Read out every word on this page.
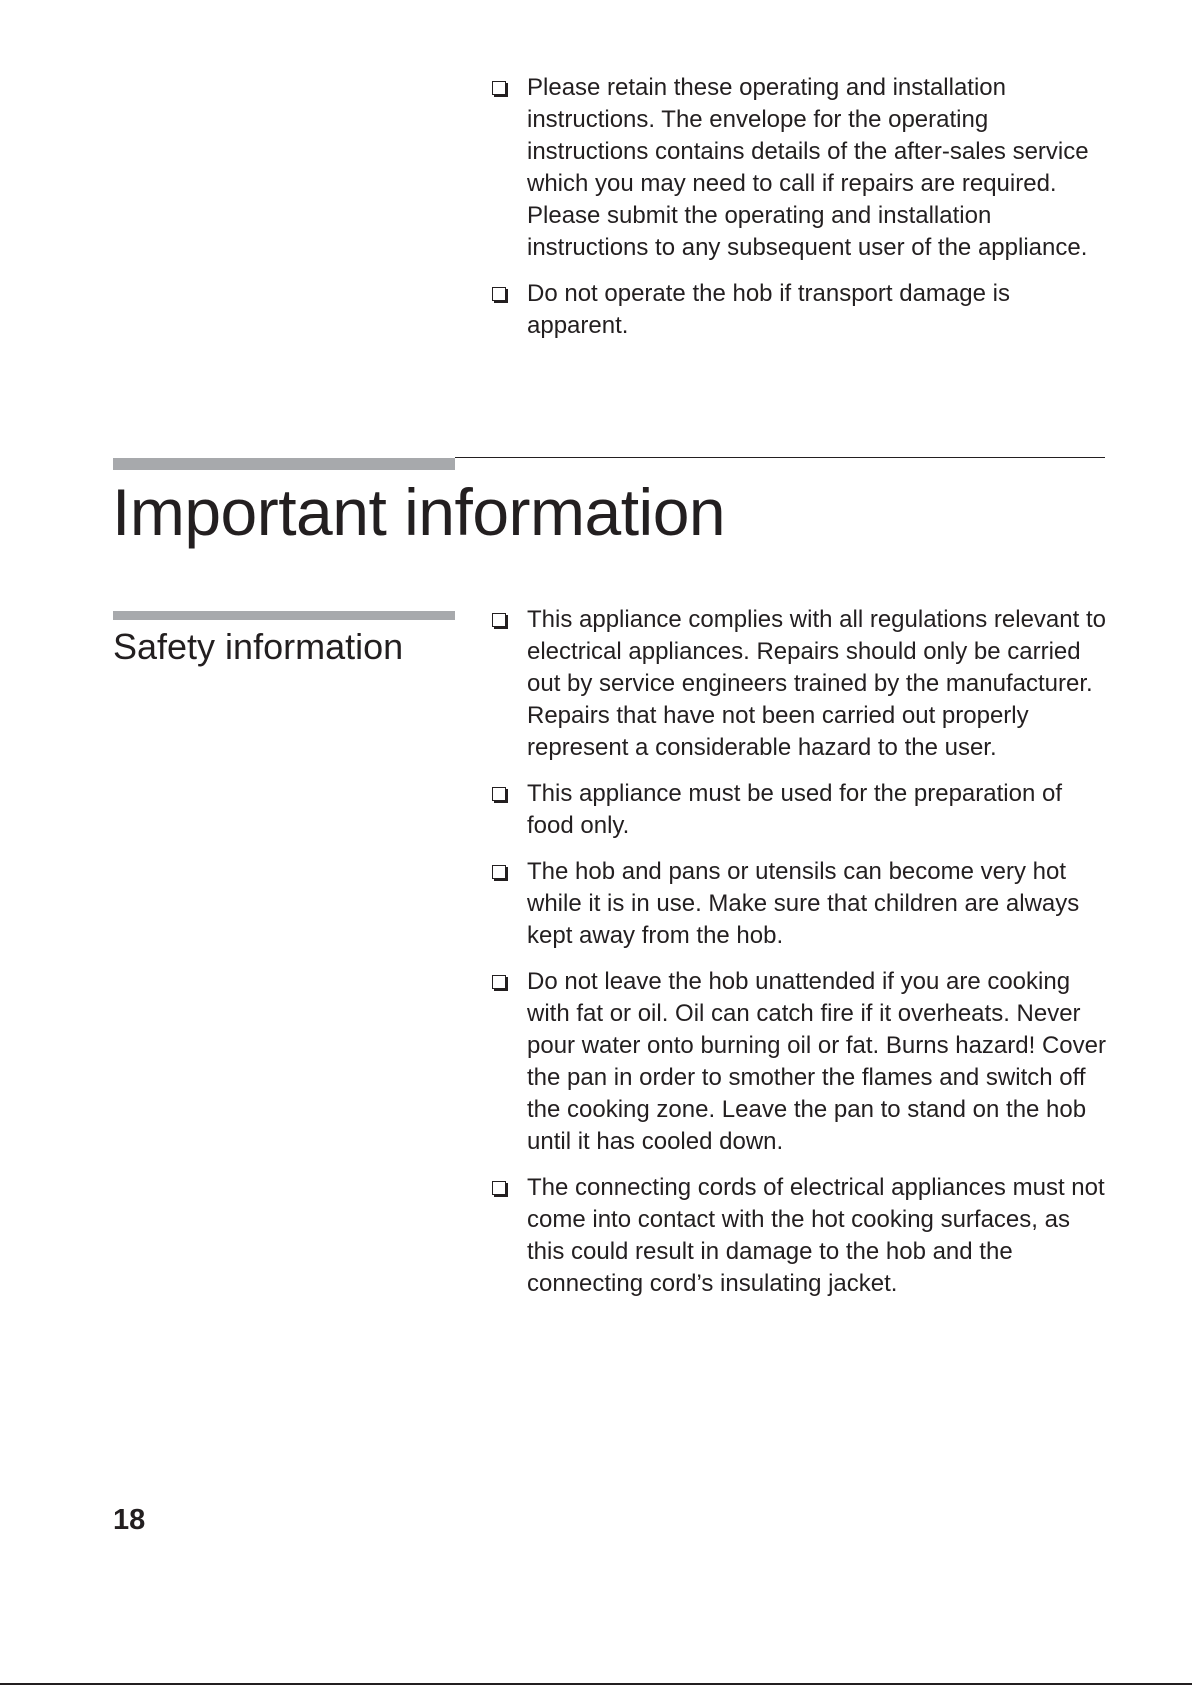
Please retain these operating and installation instructions. The envelope for the operating instructions contains details of the after-sales service which you may need to call if repairs are required. Please submit the operating and installation instructions to any subsequent user of the appliance.
Do not operate the hob if transport damage is apparent.
Important information
Safety information
This appliance complies with all regulations relevant to electrical appliances. Repairs should only be carried out by service engineers trained by the manufacturer. Repairs that have not been carried out properly represent a considerable hazard to the user.
This appliance must be used for the preparation of food only.
The hob and pans or utensils can become very hot while it is in use. Make sure that children are always kept away from the hob.
Do not leave the hob unattended if you are cooking with fat or oil. Oil can catch fire if it overheats. Never pour water onto burning oil or fat. Burns hazard! Cover the pan in order to smother the flames and switch off the cooking zone. Leave the pan to stand on the hob until it has cooled down.
The connecting cords of electrical appliances must not come into contact with the hot cooking surfaces, as this could result in damage to the hob and the connecting cord’s insulating jacket.
18
